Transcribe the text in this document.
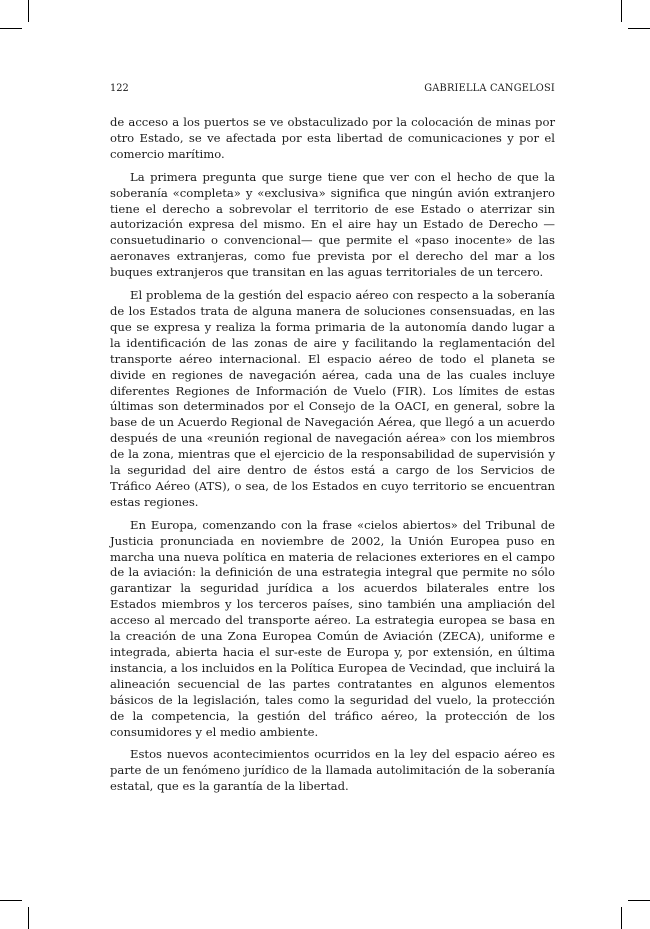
122	GABRIELLA CANGELOSI

de acceso a los puertos se ve obstaculizado por la colocación de minas por otro Estado, se ve afectada por esta libertad de comunicaciones y por el comercio marítimo.

La primera pregunta que surge tiene que ver con el hecho de que la soberanía «completa» y «exclusiva» significa que ningún avión extranjero tiene el derecho a sobrevolar el territorio de ese Estado o aterrizar sin autorización expresa del mismo. En el aire hay un Estado de Derecho —consuetudinario o convencional— que permite el «paso inocente» de las aeronaves extranjeras, como fue prevista por el derecho del mar a los buques extranjeros que transitan en las aguas territoriales de un tercero.

El problema de la gestión del espacio aéreo con respecto a la soberanía de los Estados trata de alguna manera de soluciones consensuadas, en las que se expresa y realiza la forma primaria de la autonomía dando lugar a la identificación de las zonas de aire y facilitando la reglamentación del transporte aéreo internacional. El espacio aéreo de todo el planeta se divide en regiones de navegación aérea, cada una de las cuales incluye diferentes Regiones de Información de Vuelo (FIR). Los límites de estas últimas son determinados por el Consejo de la OACI, en general, sobre la base de un Acuerdo Regional de Navegación Aérea, que llegó a un acuerdo después de una «reunión regional de navegación aérea» con los miembros de la zona, mientras que el ejercicio de la responsabilidad de supervisión y la seguridad del aire dentro de éstos está a cargo de los Servicios de Tráfico Aéreo (ATS), o sea, de los Estados en cuyo territorio se encuentran estas regiones.

En Europa, comenzando con la frase «cielos abiertos» del Tribunal de Justicia pronunciada en noviembre de 2002, la Unión Europea puso en marcha una nueva política en materia de relaciones exteriores en el campo de la aviación: la definición de una estrategia integral que permite no sólo garantizar la seguridad jurídica a los acuerdos bilaterales entre los Estados miembros y los terceros países, sino también una ampliación del acceso al mercado del transporte aéreo. La estrategia europea se basa en la creación de una Zona Europea Común de Aviación (ZECA), uniforme e integrada, abierta hacia el sur-este de Europa y, por extensión, en última instancia, a los incluidos en la Política Europea de Vecindad, que incluirá la alineación secuencial de las partes contratantes en algunos elementos básicos de la legislación, tales como la seguridad del vuelo, la protección de la competencia, la gestión del tráfico aéreo, la protección de los consumidores y el medio ambiente.

Estos nuevos acontecimientos ocurridos en la ley del espacio aéreo es parte de un fenómeno jurídico de la llamada autolimitación de la soberanía estatal, que es la garantía de la libertad.
